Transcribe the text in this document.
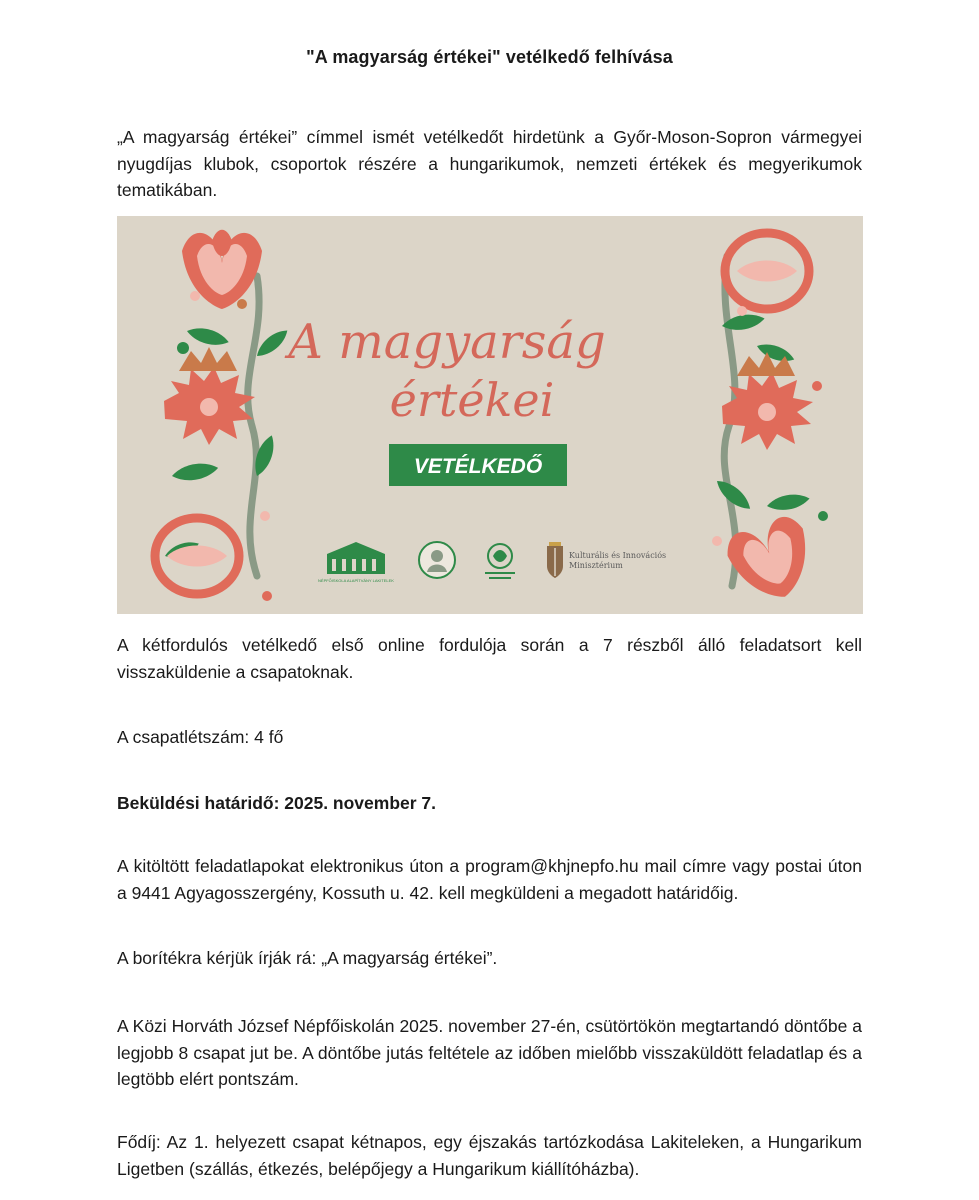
"A magyarság értékei" vetélkedő felhívása

„A magyarság értékei” címmel ismét vetélkedőt hirdetünk a Győr-Moson-Sopron vármegyei nyugdíjas klubok, csoportok részére a hungarikumok, nemzeti értékek és megyerikumok tematikában.

A magyarság
értékei
VETÉLKEDŐ
NÉPFŐISKOLA ALAPÍTVÁNY LAKITELEK
Kulturális és Innovációs
Minisztérium

A kétfordulós vetélkedő első online fordulója során a 7 részből álló feladatsort kell visszaküldenie a csapatoknak.

A csapatlétszám: 4 fő

Beküldési határidő: 2025. november 7.

A kitöltött feladatlapokat elektronikus úton a program@khjnepfo.hu mail címre vagy postai úton a 9441 Agyagosszergény, Kossuth u. 42. kell megküldeni a megadott határidőig.

A borítékra kérjük írják rá: „A magyarság értékei”.

A Közi Horváth József Népfőiskolán 2025. november 27-én, csütörtökön megtartandó döntőbe a legjobb 8 csapat jut be. A döntőbe jutás feltétele az időben mielőbb visszaküldött feladatlap és a legtöbb elért pontszám.

Fődíj: Az 1. helyezett csapat kétnapos, egy éjszakás tartózkodása Lakiteleken, a Hungarikum Ligetben (szállás, étkezés, belépőjegy a Hungarikum kiállítóházba).
